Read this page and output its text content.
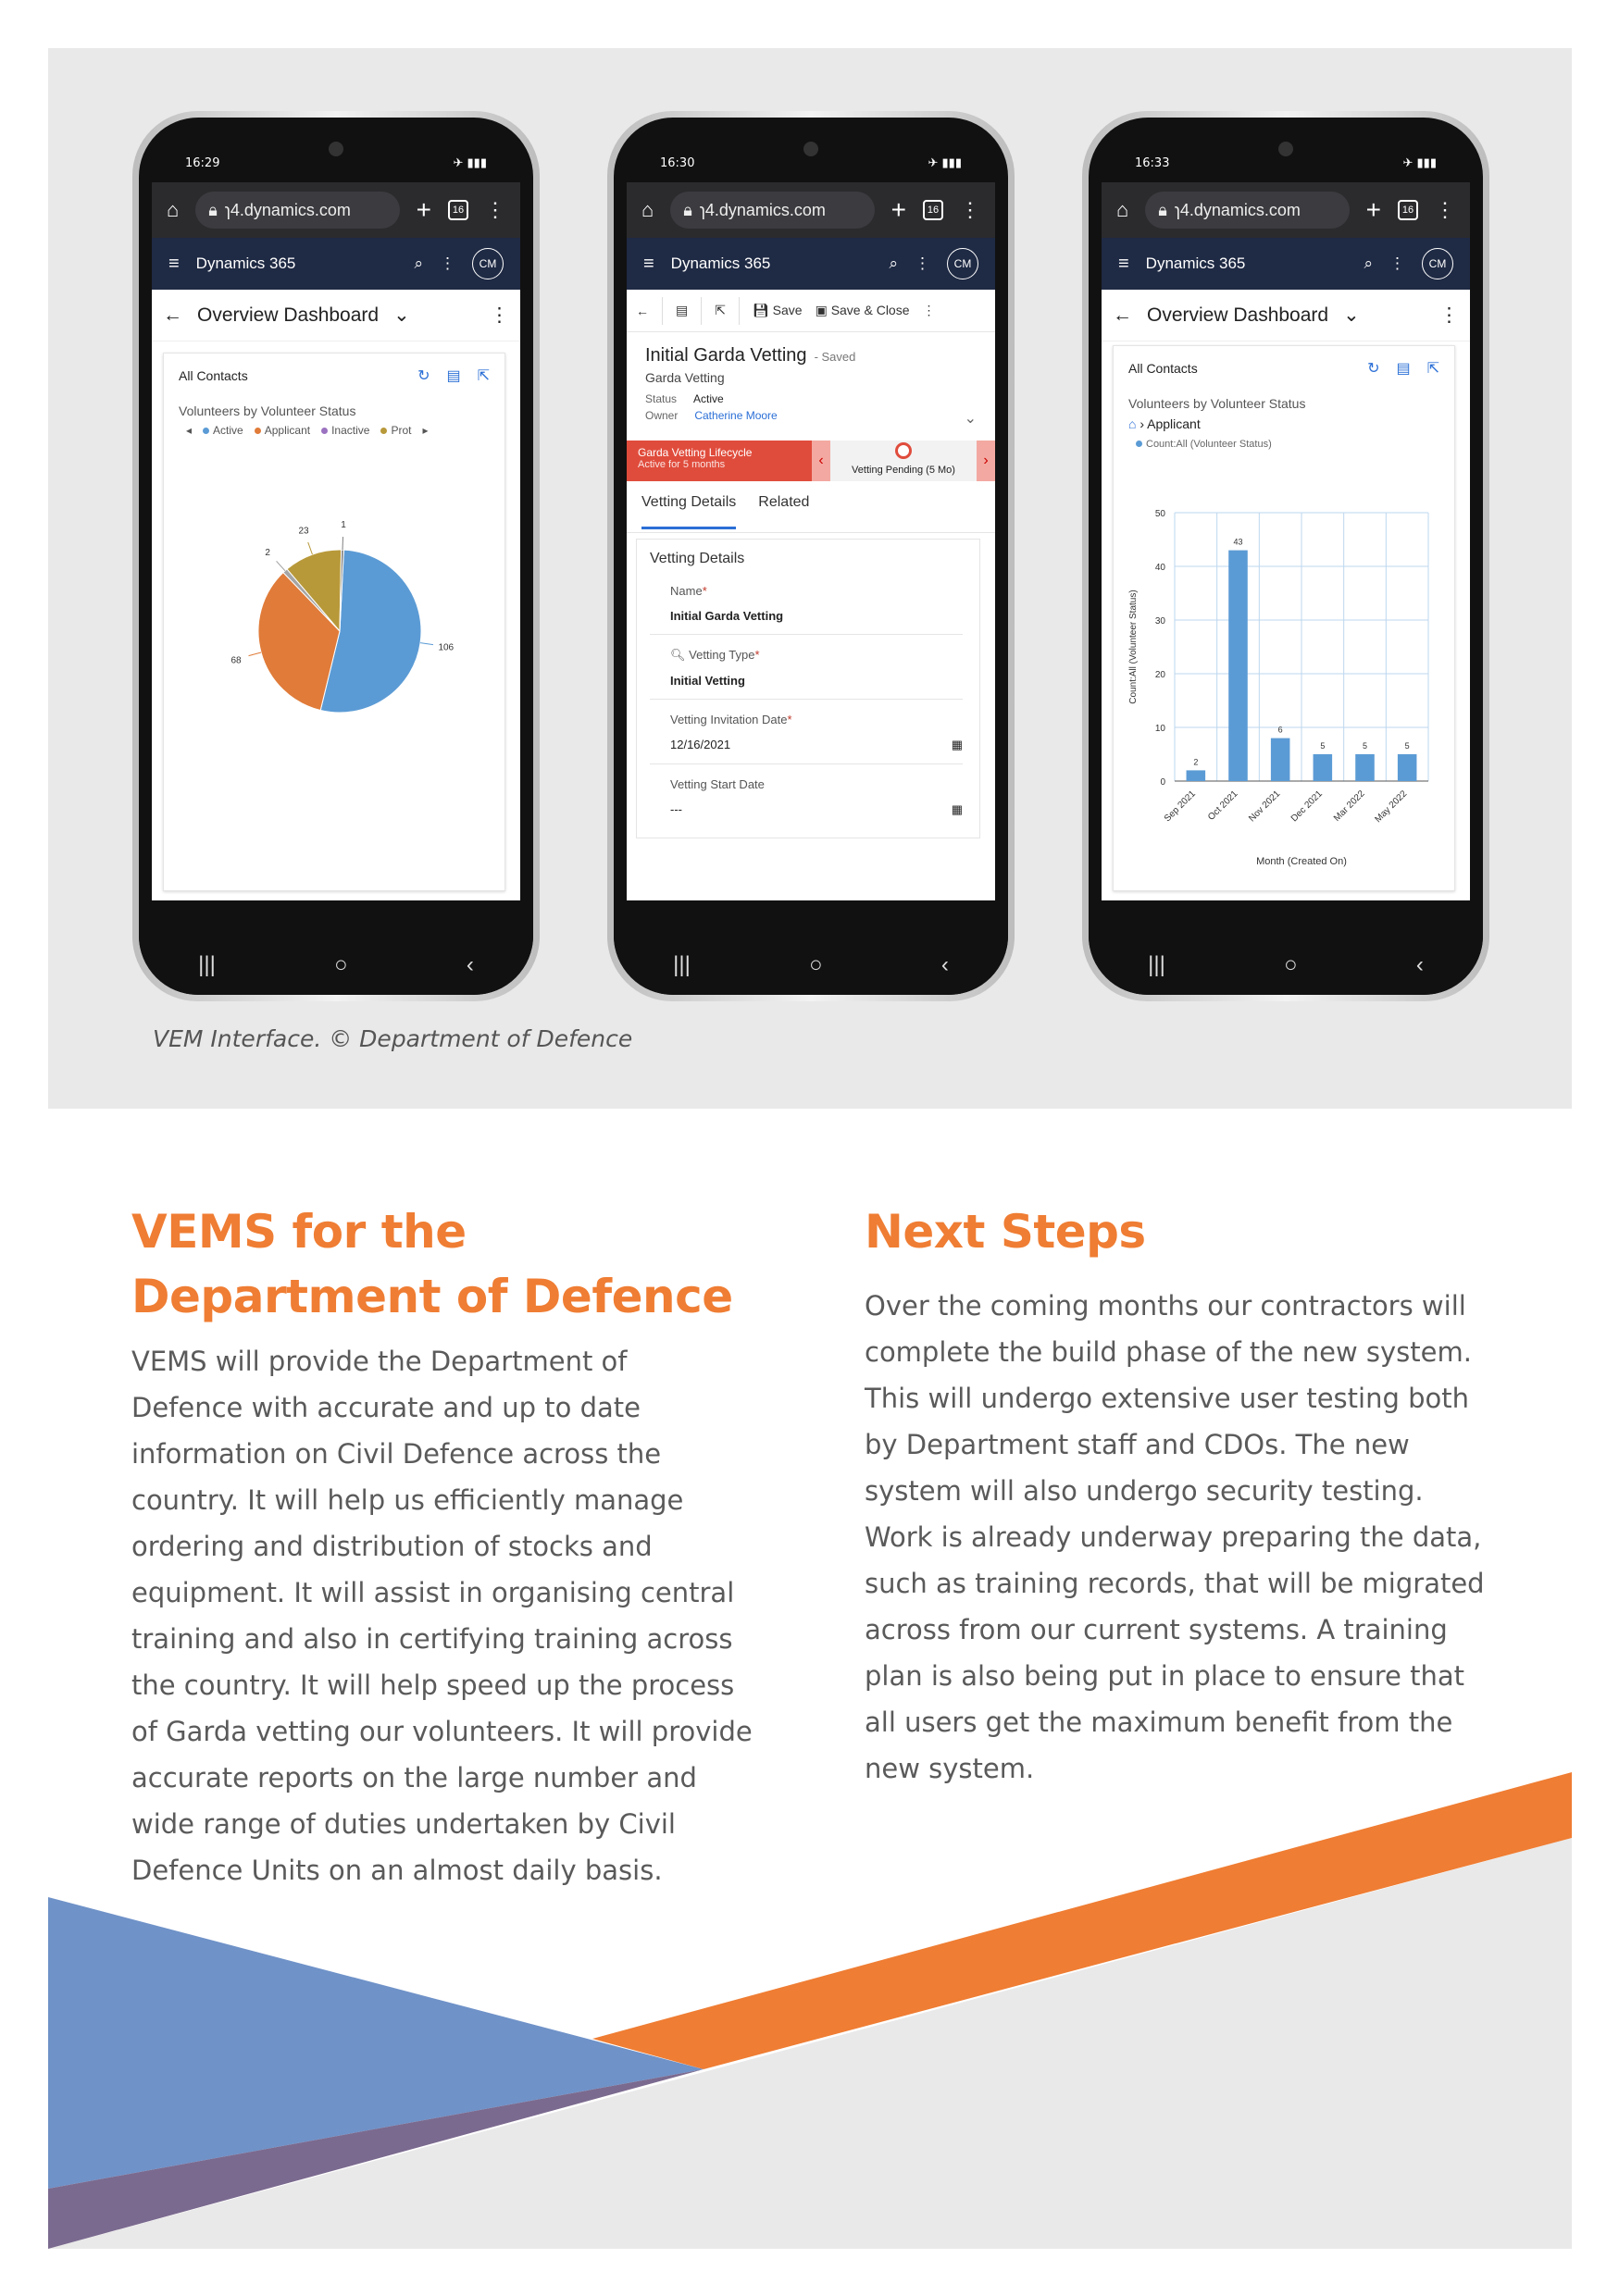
16:29	✈ ▮▮▮
⌂ 🔒︎ ɿ4.dynamics.com	+	16 ⋮
≡ Dynamics 365	⌕ ⋮	CM
← Overview Dashboard ⌄	⋮
All Contacts	↻ ▤ ⇱
Volunteers by Volunteer Status
◂	Active	Applicant	Inactive	Prot ▸
106
68
2
23
1
|||	○	‹
16:30	✈ ▮▮▮
⌂ 🔒︎ ɿ4.dynamics.com	+	16 ⋮
≡ Dynamics 365	⌕ ⋮	CM
← ▤ ⇱ 💾︎ Save ▣ Save & Close ⋮
Initial Garda Vetting - Saved
Garda Vetting
Status Active
Owner Catherine Moore	⌄
Garda Vetting Lifecycle
Active for 5 months	‹
Vetting Pending (5 Mo)
›
Vetting Details Related
Vetting Details
Name*
Initial Garda Vetting
🔍︎ Vetting Type*
Initial Vetting
Vetting Invitation Date*
12/16/2021	▦
Vetting Start Date
---	▦
|||	○	‹
16:33	✈ ▮▮▮
⌂ 🔒︎ ɿ4.dynamics.com	+	16 ⋮
≡ Dynamics 365	⌕ ⋮	CM
← Overview Dashboard ⌄	⋮
All Contacts	↻ ▤ ⇱
Volunteers by Volunteer Status
⌂ › Applicant
Count:All (Volunteer Status)
0
10
20
30
40
50
2
Sep 2021
43
Oct 2021
6
Nov 2021
5
Dec 2021
5
Mar 2022
5
May 2022
Month (Created On)
Count:All (Volunteer Status)
|||	○	‹
VEM Interface. © Department of Defence
VEMS for the
Department of Defence
VEMS will provide the Department of
Defence with accurate and up to date
information on Civil Defence across the
country. It will help us efficiently manage
ordering and distribution of stocks and
equipment. It will assist in organising central
training and also in certifying training across
the country. It will help speed up the process
of Garda vetting our volunteers. It will provide
accurate reports on the large number and
wide range of duties undertaken by Civil
Defence Units on an almost daily basis.
Next Steps
Over the coming months our contractors will
complete the build phase of the new system.
This will undergo extensive user testing both
by Department staff and CDOs. The new
system will also undergo security testing.
Work is already underway preparing the data,
such as training records, that will be migrated
across from our current systems. A training
plan is also being put in place to ensure that
all users get the maximum benefit from the
new system.
